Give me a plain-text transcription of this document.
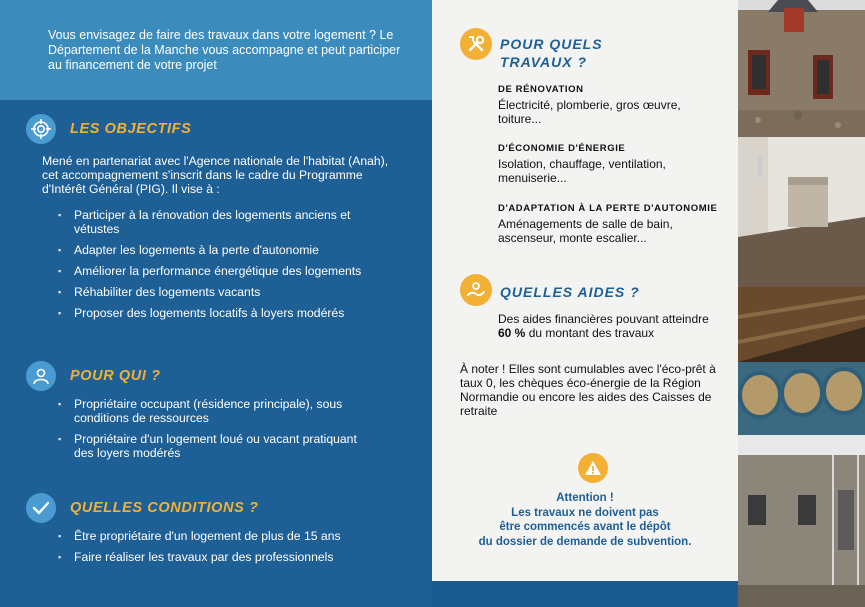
Vous envisagez de faire des travaux dans votre logement ? Le Département de la Manche vous accompagne et peut participer au financement de votre projet
LES OBJECTIFS
Mené en partenariat avec l'Agence nationale de l'habitat (Anah), cet accompagnement s'inscrit dans le cadre du Programme d'Intérêt Général (PIG). Il vise à :
▪ Participer à la rénovation des logements anciens et vétustes
▪ Adapter les logements à la perte d'autonomie
▪ Améliorer la performance énergétique des logements
▪ Réhabiliter des logements vacants
▪ Proposer des logements locatifs à loyers modérés
POUR QUI ?
▪ Propriétaire occupant (résidence principale), sous conditions de ressources
▪ Propriétaire d'un logement loué ou vacant pratiquant des loyers modérés
QUELLES CONDITIONS ?
▪ Être propriétaire d'un logement de plus de 15 ans
▪ Faire réaliser les travaux par des professionnels
POUR QUELS
TRAVAUX ?
DE RÉNOVATION
Électricité, plomberie, gros œuvre, toiture...
D'ÉCONOMIE D'ÉNERGIE
Isolation, chauffage, ventilation, menuiserie...
D'ADAPTATION À LA PERTE D'AUTONOMIE
Aménagements de salle de bain, ascenseur, monte escalier...
QUELLES AIDES ?
Des aides financières pouvant atteindre
60 % du montant des travaux
À noter ! Elles sont cumulables avec l'éco-prêt à taux 0, les chèques éco-énergie de la Région Normandie ou encore les aides des Caisses de retraite
Attention !
Les travaux ne doivent pas
être commencés avant le dépôt
du dossier de demande de subvention.
